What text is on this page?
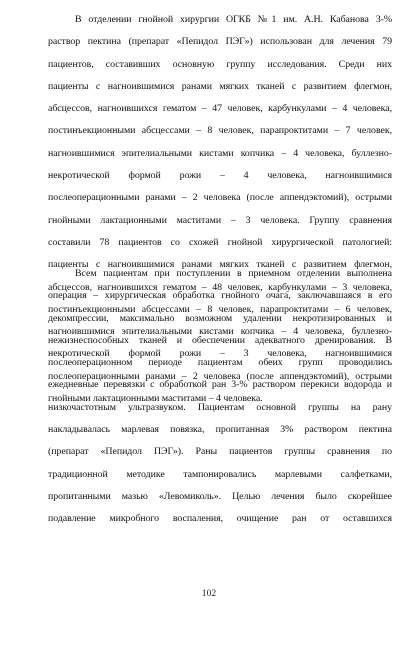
В отделении гнойной хирургии ОГКБ №1 им. А.Н. Кабанова 3-%
раствор пектина (препарат «Пепидол ПЭГ») использован для лечения 79
пациентов, составивших основную группу исследования. Среди них
пациенты с нагноившимися ранами мягких тканей с развитием флегмон,
абсцессов, нагноившихся гематом – 47 человек, карбункулами – 4 человека,
постинъекционными абсцессами – 8 человек, парапроктитами – 7 человек,
нагноившимися эпителиальными кистами копчика – 4 человека, буллезно-
некротической формой рожи – 4 человека, нагноившимися
послеоперационными ранами – 2 человека (после аппендэктомий), острыми
гнойными лактационными маститами – 3 человека. Группу сравнения
составили 78 пациентов со схожей гнойной хирургической патологией:
пациенты с нагноившимися ранами мягких тканей с развитием флегмон,
абсцессов, нагноившихся гематом – 48 человек, карбункулами – 3 человека,
постинъекционными абсцессами – 8 человек, парапроктитами – 6 человек,
нагноившимися эпителиальными кистами копчика – 4 человека, буллезно-
некротической формой рожи – 3 человека, нагноившимися
послеоперационными ранами – 2 человека (после аппендэктомий), острыми
гнойными лактационными маститами – 4 человека.
Всем пациентам при поступлении в приемном отделении выполнена
операция – хирургическая обработка гнойного очага, заключавшаяся в его
декомпрессии, максимально возможном удалении некротизированных и
нежизнеспособных тканей и обеспечении адекватного дренирования. В
послеоперационном периоде пациентам обеих групп проводились
ежедневные перевязки с обработкой ран 3-% раствором перекиси водорода и
низкочастотным ультразвуком. Пациентам основной группы на рану
накладывалась марлевая повязка, пропитанная 3% раствором пектина
(препарат «Пепидол ПЭГ»). Раны пациентов группы сравнения по
традиционной методике тампонировались марлевыми салфетками,
пропитанными мазью «Левомиколь». Целью лечения было скорейшее
подавление микробного воспаления, очищение ран от оставшихся
102
